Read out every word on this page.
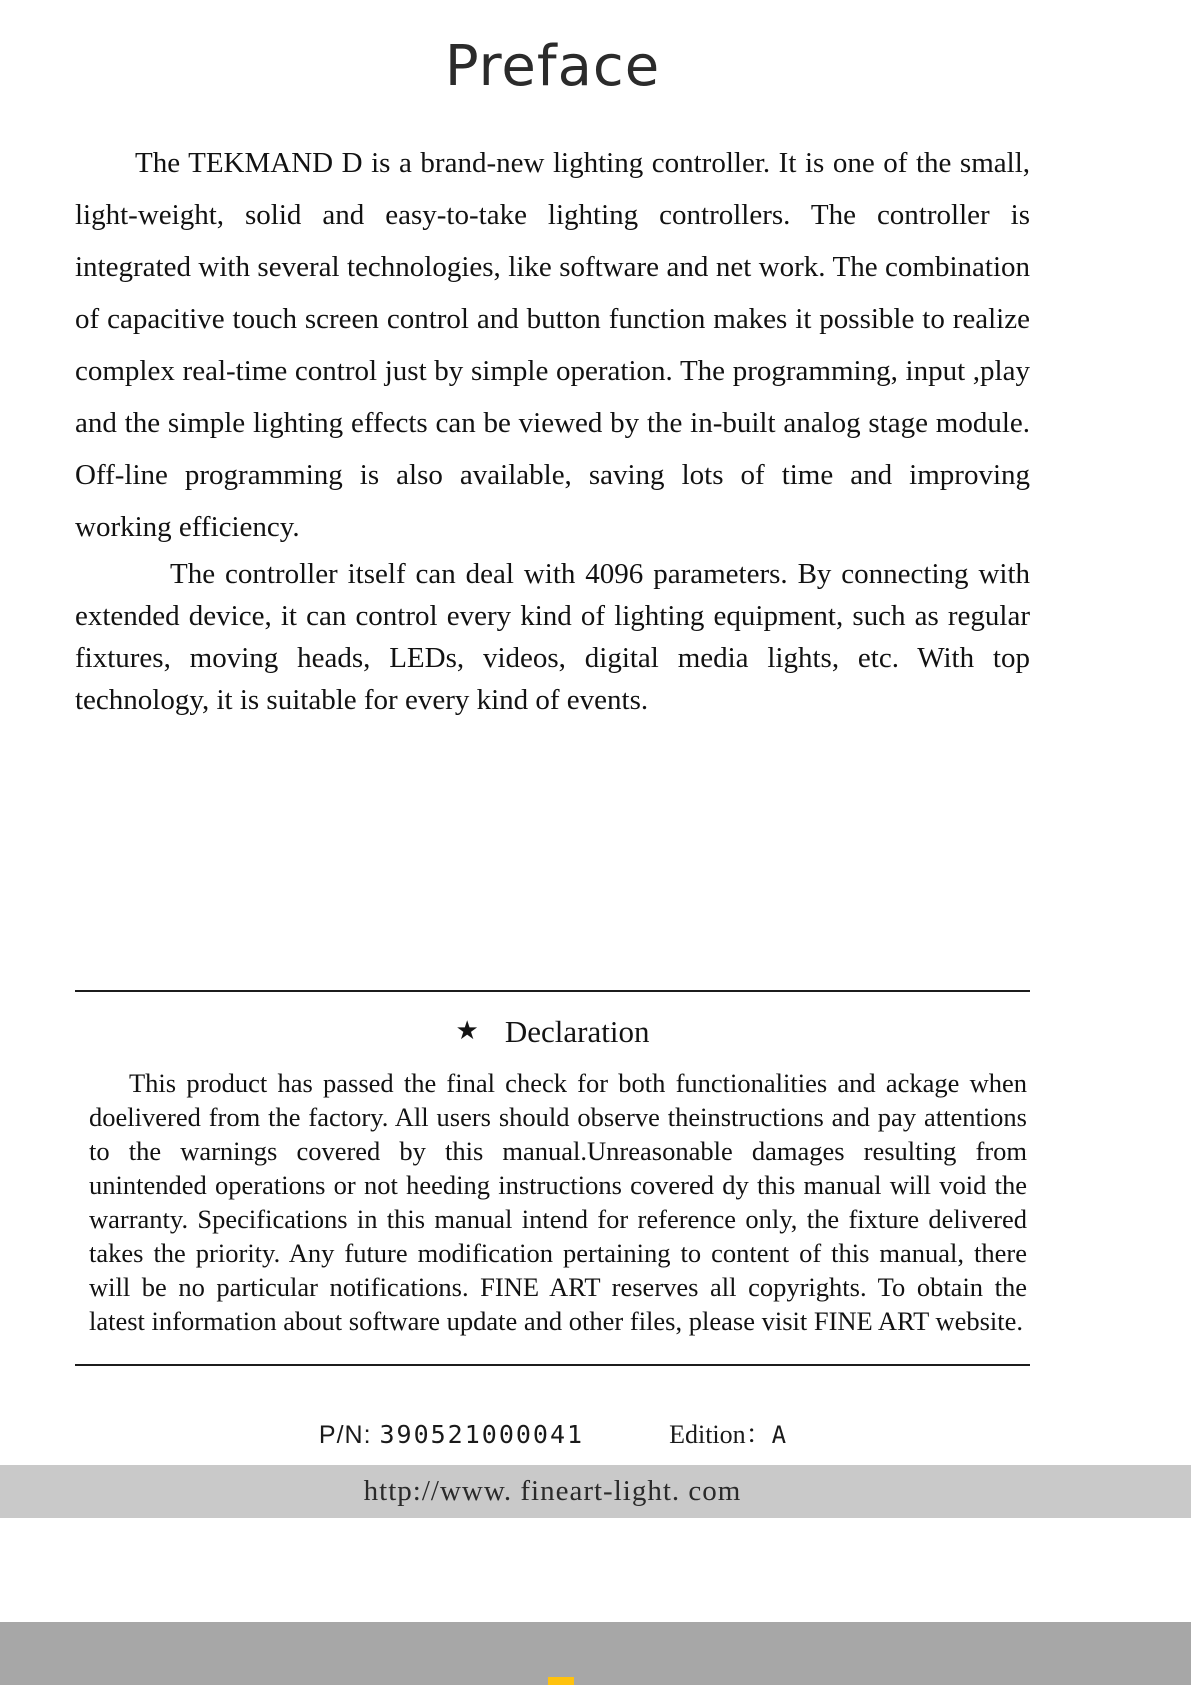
Preface

The TEKMAND D is a brand-new lighting controller. It is one of the small, light-weight, solid and easy-to-take lighting controllers. The controller is integrated with several technologies, like software and net work. The combination of capacitive touch screen control and button function makes it possible to realize complex real-time control just by simple operation. The programming, input ,play and the simple lighting effects can be viewed by the in-built analog stage module. Off-line programming is also available, saving lots of time and improving working efficiency.

The controller itself can deal with 4096 parameters. By connecting with extended device, it can control every kind of lighting equipment, such as regular fixtures, moving heads, LEDs, videos, digital media lights, etc. With top technology, it is suitable for every kind of events.

★ Declaration

This product has passed the final check for both functionalities and ackage when doelivered from the factory. All users should observe theinstructions and pay attentions to the warnings covered by this manual.Unreasonable damages resulting from unintended operations or not heeding instructions covered dy this manual will void the warranty. Specifications in this manual intend for reference only, the fixture delivered takes the priority. Any future modification pertaining to content of this manual, there will be no particular notifications. FINE ART reserves all copyrights. To obtain the latest information about software update and other files, please visit FINE ART website.

P/N: 390521000041	Edition：A
http://www. fineart-light. com
